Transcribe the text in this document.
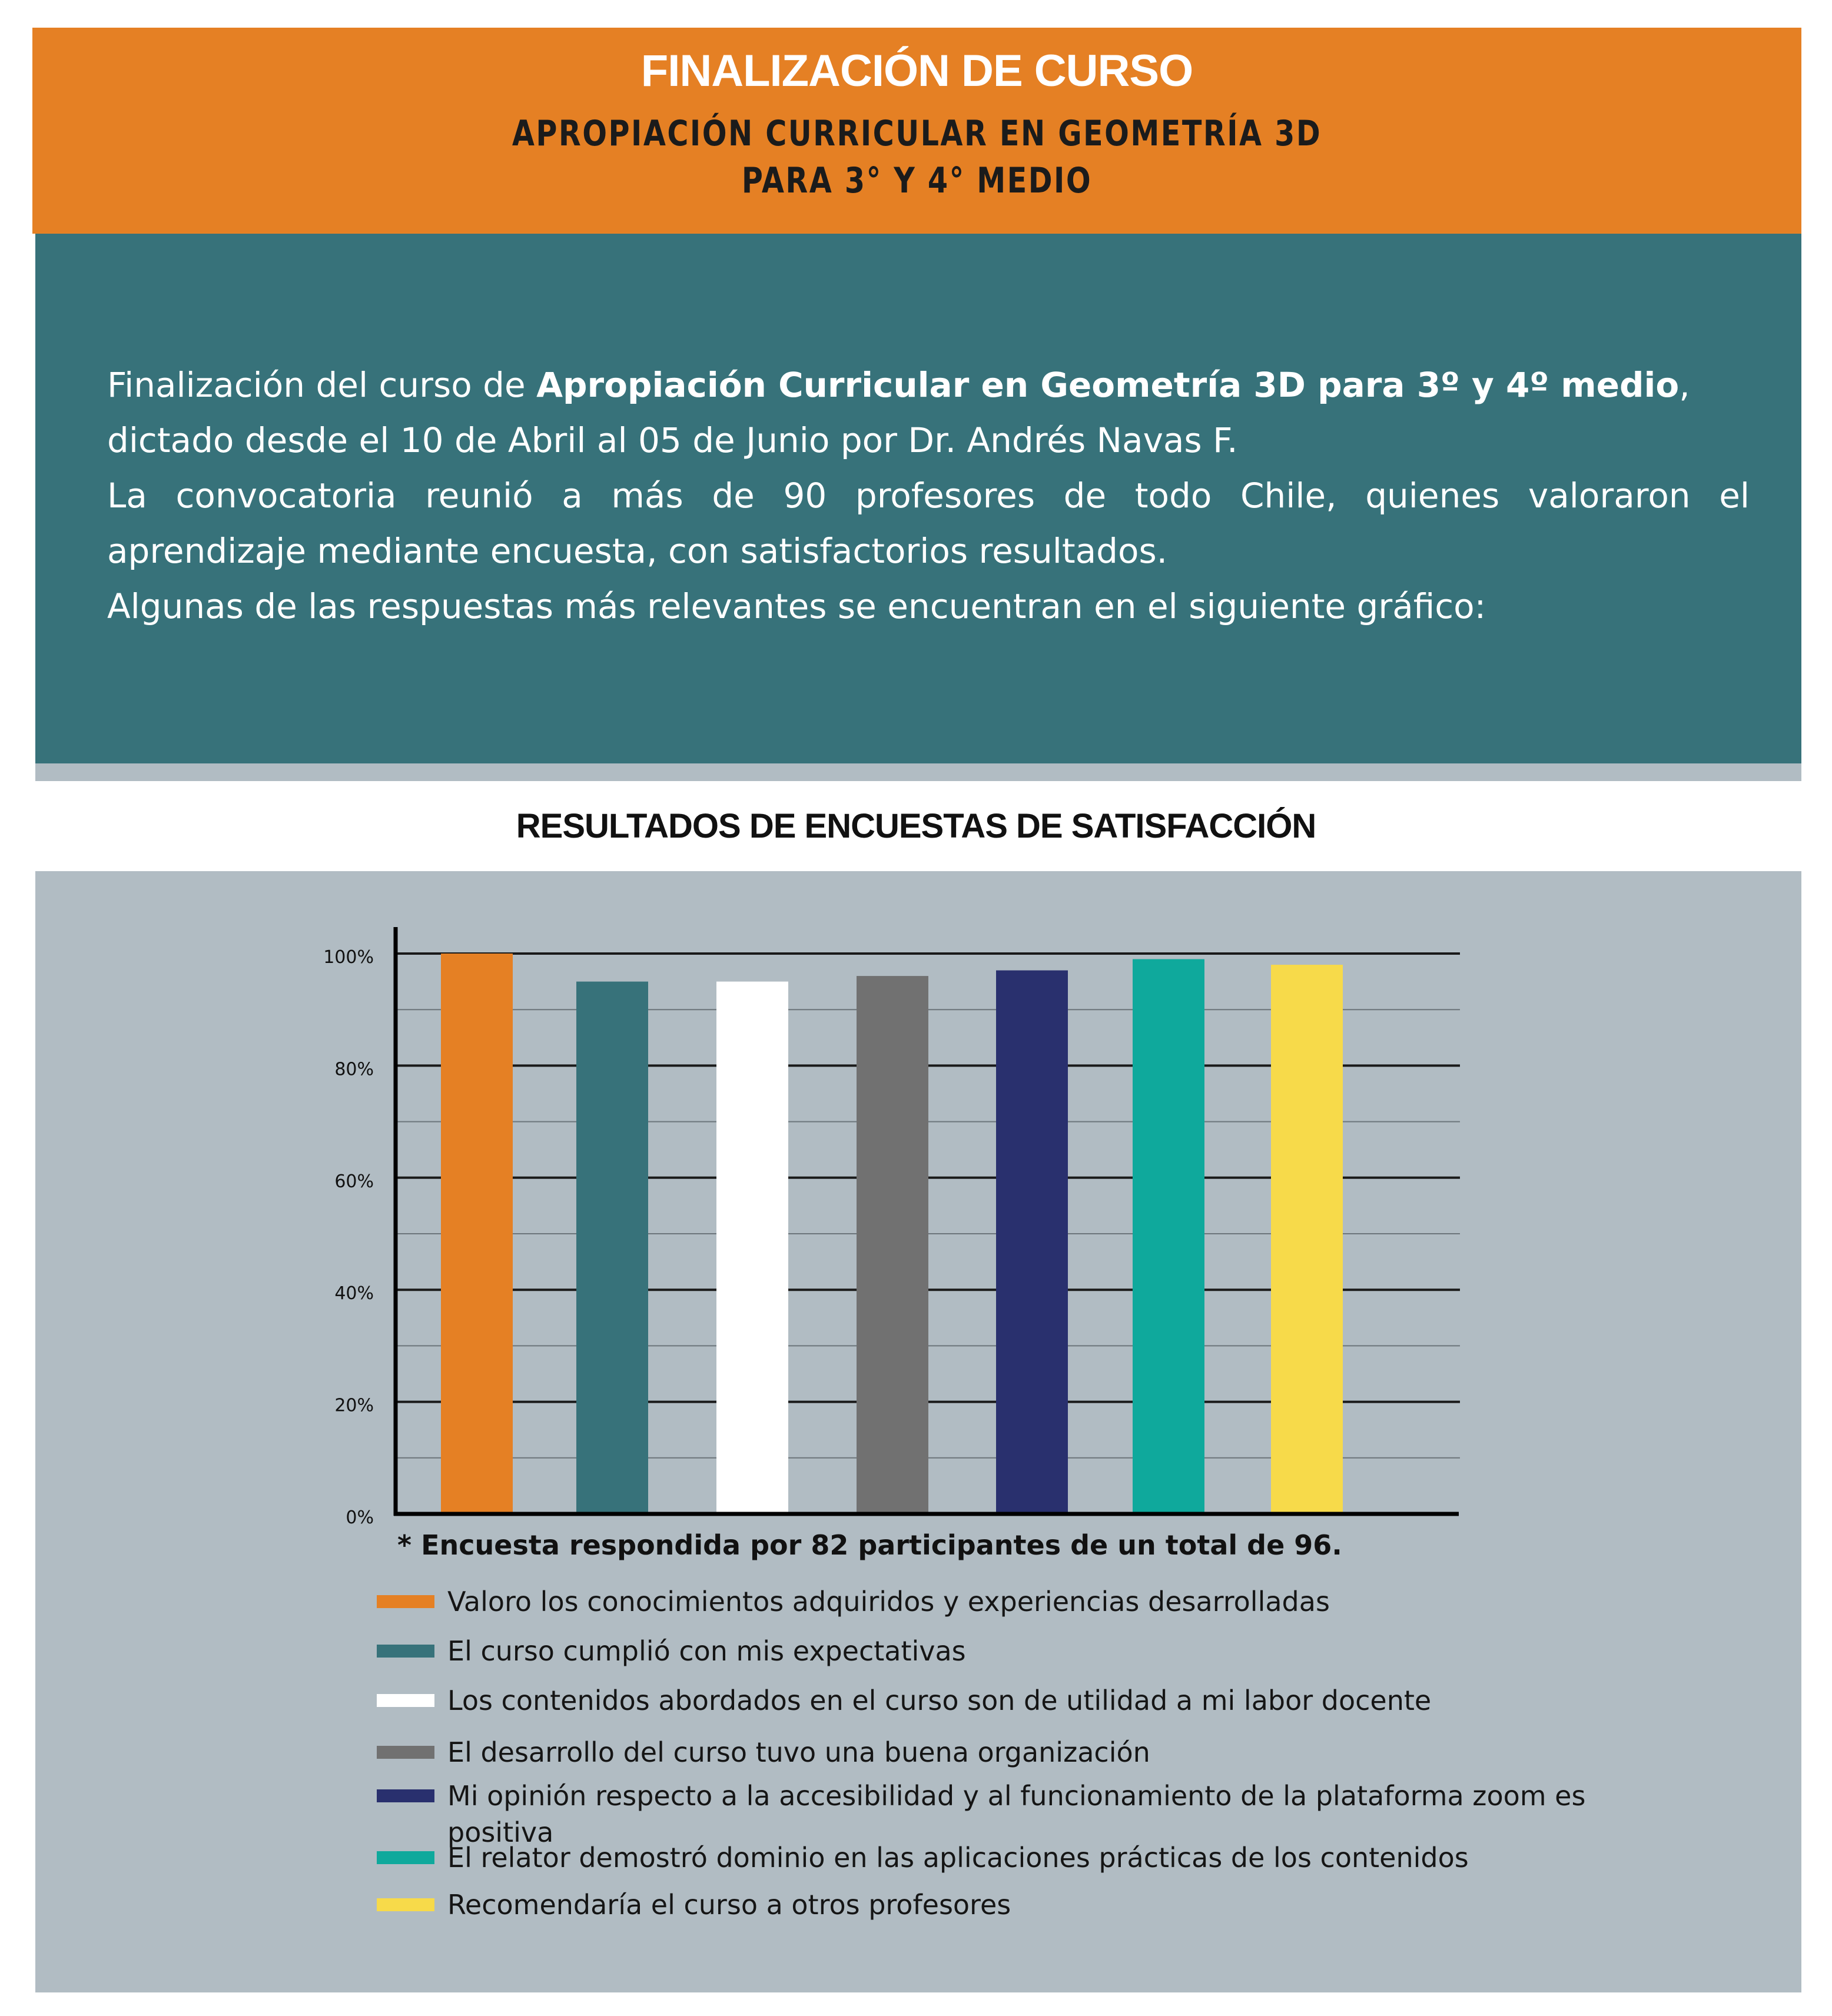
FINALIZACIÓN DE CURSO
APROPIACIÓN CURRICULAR EN GEOMETRÍA 3D
PARA 3° Y 4° MEDIO
Finalización del curso de Apropiación Curricular en Geometría 3D para 3º y 4º medio,
dictado desde el 10 de Abril al 05 de Junio por Dr. Andrés Navas F.
La convocatoria reunió a más de 90 profesores de todo Chile, quienes valoraron el
aprendizaje mediante encuesta, con satisfactorios resultados.
Algunas de las respuestas más relevantes se encuentran en el siguiente gráfico:
RESULTADOS DE ENCUESTAS DE SATISFACCIÓN
0%
20%
40%
60%
80%
100%
* Encuesta respondida por 82 participantes de un total de 96.
Valoro los conocimientos adquiridos y experiencias desarrolladas
El curso cumplió con mis expectativas
Los contenidos abordados en el curso son de utilidad a mi labor docente
El desarrollo del curso tuvo una buena organización
Mi opinión respecto a la accesibilidad y al funcionamiento de la plataforma zoom es positiva
El relator demostró dominio en las aplicaciones prácticas de los contenidos
Recomendaría el curso a otros profesores
